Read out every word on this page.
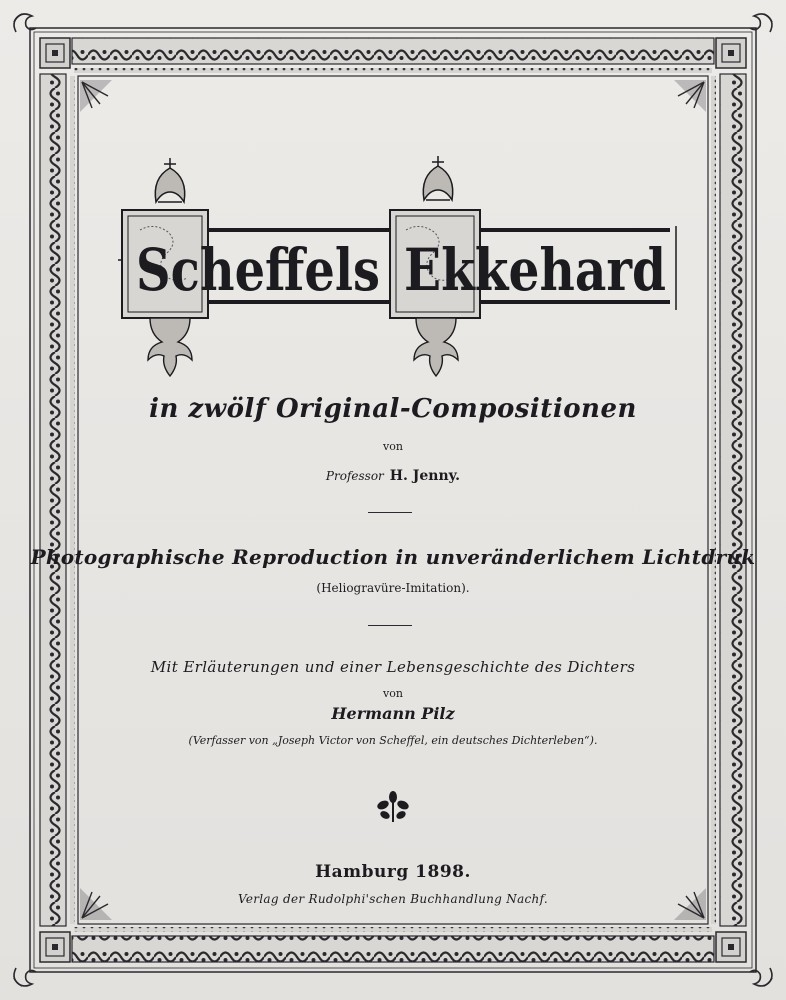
Scheffels Ekkehard
in zwölf Original-Compositionen
von
Professor H. Jenny.
Photographische Reproduction in unveränderlichem Lichtdruk
(Heliogravüre-Imitation).
Mit Erläuterungen und einer Lebensgeschichte des Dichters
von
Hermann Pilz
(Verfasser von „Joseph Victor von Scheffel, ein deutsches Dichterleben“).
Hamburg 1898.
Verlag der Rudolphi'schen Buchhandlung Nachf.
